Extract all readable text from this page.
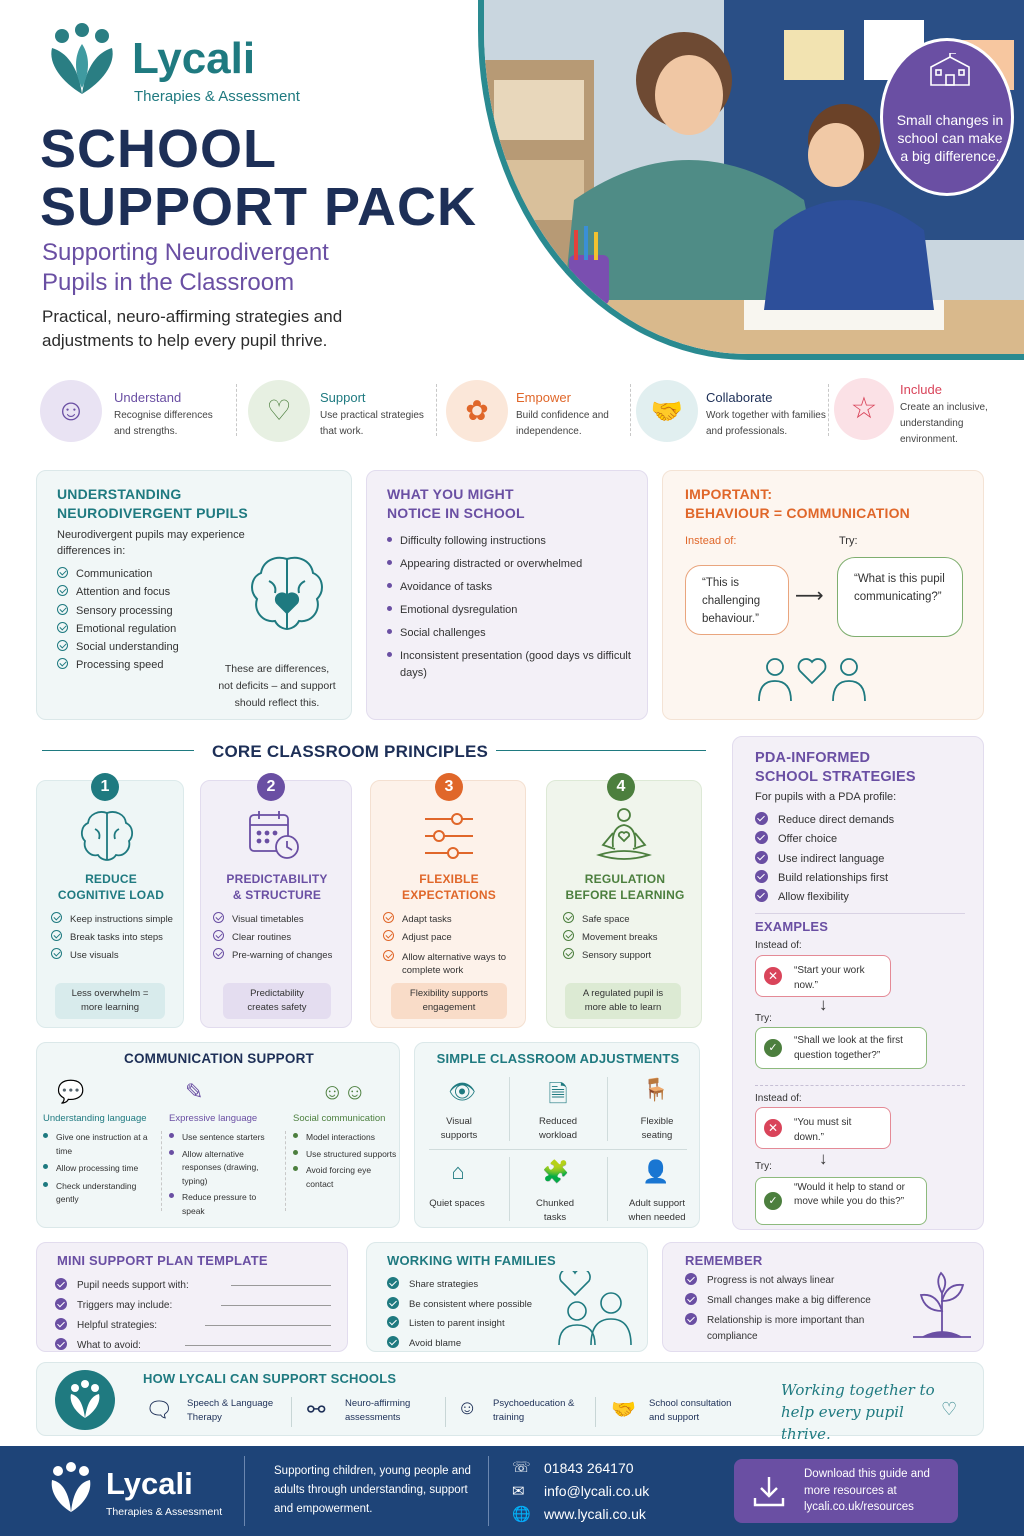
Lycali
Therapies & Assessment
SCHOOL
SUPPORT PACK
Supporting Neurodivergent
Pupils in the Classroom
Practical, neuro-affirming strategies and
adjustments to help every pupil thrive.
Small changes in school can make a big difference.
☺	Understand
Recognise differences and strengths.
♡	Support
Use practical strategies that work.
✿	Empower
Build confidence and independence.
🤝	Collaborate
Work together with families and professionals.
☆
Include
Create an inclusive, understanding environment.
UNDERSTANDING
NEURODIVERGENT PUPILS
Neurodivergent pupils may experience differences in:
Communication
Attention and focus
Sensory processing
Emotional regulation
Social understanding
Processing speed	These are differences, not deficits – and support should reflect this.
WHAT YOU MIGHT
NOTICE IN SCHOOL
Difficulty following instructions
Appearing distracted or overwhelmed
Avoidance of tasks
Emotional dysregulation
Social challenges
Inconsistent presentation (good days vs difficult days)
IMPORTANT:
BEHAVIOUR = COMMUNICATION
Instead of:	Try:
“This is challenging behaviour.”
⟶
“What is this pupil communicating?”
CORE CLASSROOM PRINCIPLES
1
REDUCE
COGNITIVE LOAD
Keep instructions simple
Break tasks into steps
Use visuals
Less overwhelm = more learning
2
PREDICTABILITY
& STRUCTURE
Visual timetables
Clear routines
Pre-warning of changes
Predictability creates safety
3
FLEXIBLE
EXPECTATIONS
Adapt tasks
Adjust pace
Allow alternative ways to complete work
Flexibility supports engagement
4
REGULATION
BEFORE LEARNING
Safe space
Movement breaks
Sensory support
A regulated pupil is more able to learn
PDA-INFORMED
SCHOOL STRATEGIES
For pupils with a PDA profile:
Reduce direct demands
Offer choice
Use indirect language
Build relationships first
Allow flexibility
EXAMPLES
Instead of:
✕	“Start your work now.”
↓
Try:
✓
“Shall we look at the first question together?”
Instead of:
✕	“You must sit down.”
↓
Try:
✓
“Would it help to stand or move while you do this?”
COMMUNICATION SUPPORT
💬	✎	☺☺
Understanding language Expressive language	Social communication
Give one instruction at a time
Allow processing time
Check understanding gently
Use sentence starters
Allow alternative responses (drawing, typing)
Reduce pressure to speak
Model interactions
Use structured supports
Avoid forcing eye contact
SIMPLE CLASSROOM ADJUSTMENTS
👁
Visual supports
🗎
Reduced workload
🪑
Flexible seating
⌂
Quiet spaces
🧩
Chunked tasks
👤
Adult support when needed
MINI SUPPORT PLAN TEMPLATE
Pupil needs support with:
Triggers may include:
Helpful strategies:
What to avoid:
WORKING WITH FAMILIES
Share strategies
Be consistent where possible
Listen to parent insight
Avoid blame
REMEMBER
Progress is not always linear
Small changes make a big difference
Relationship is more important than compliance
HOW LYCALI CAN SUPPORT SCHOOLS
🗨 Speech & Language Therapy	⚯ Neuro-affirming assessments	☺ Psychoeducation & training	🤝 School consultation and support
Working together to help every pupil thrive.
♡
Lycali
Therapies & Assessment
Supporting children, young people and adults through understanding, support and empowerment.
☏ 01843 264170
✉ info@lycali.co.uk
🌐 www.lycali.co.uk
Download this guide and more resources at lycali.co.uk/resources
